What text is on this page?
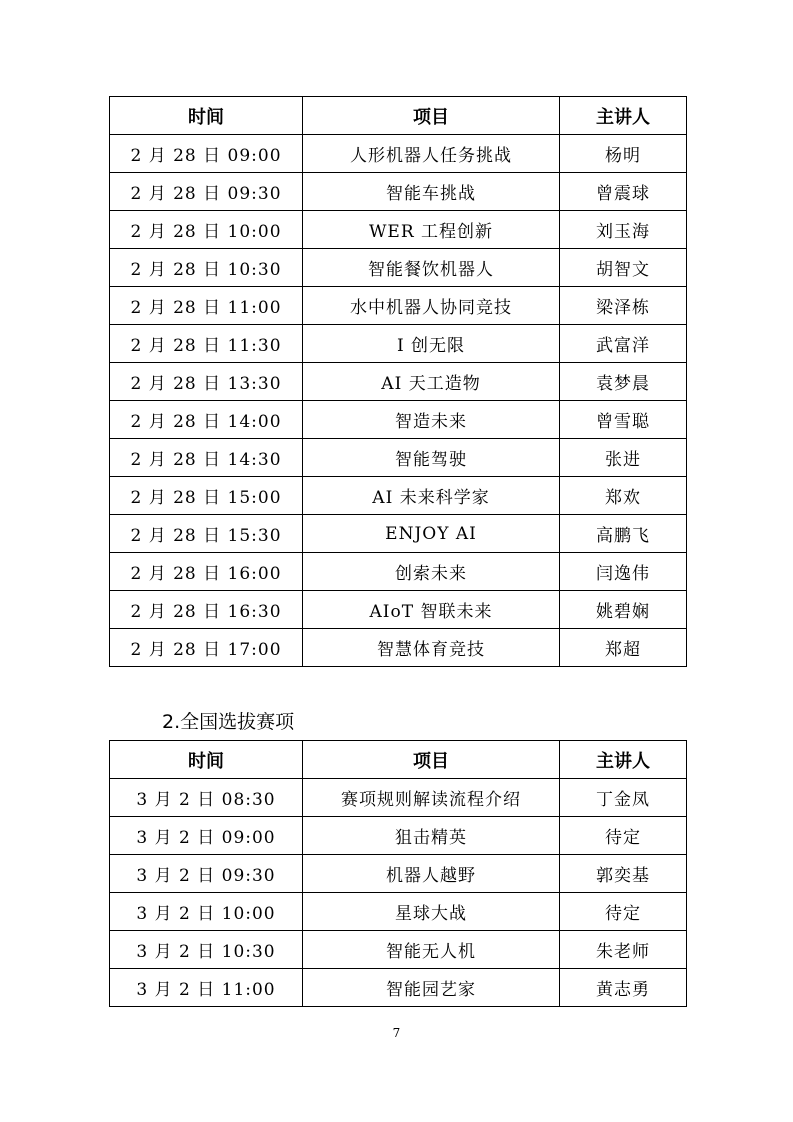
时间	项目	主讲人
2 月 28 日 09:00	人形机器人任务挑战	杨明
2 月 28 日 09:30	智能车挑战	曾震球
2 月 28 日 10:00	WER 工程创新	刘玉海
2 月 28 日 10:30	智能餐饮机器人	胡智文
2 月 28 日 11:00	水中机器人协同竞技	梁泽栋
2 月 28 日 11:30	I 创无限	武富洋
2 月 28 日 13:30	AI 天工造物	袁梦晨
2 月 28 日 14:00	智造未来	曾雪聪
2 月 28 日 14:30	智能驾驶	张进
2 月 28 日 15:00	AI 未来科学家	郑欢
2 月 28 日 15:30	ENJOY AI	高鹏飞
2 月 28 日 16:00	创索未来	闫逸伟
2 月 28 日 16:30	AIoT 智联未来	姚碧娴
2 月 28 日 17:00	智慧体育竞技	郑超
2.全国选拔赛项
时间	项目	主讲人
3 月 2 日 08:30	赛项规则解读流程介绍	丁金凤
3 月 2 日 09:00	狙击精英	待定
3 月 2 日 09:30	机器人越野	郭奕基
3 月 2 日 10:00	星球大战	待定
3 月 2 日 10:30	智能无人机	朱老师
3 月 2 日 11:00	智能园艺家	黄志勇
7
